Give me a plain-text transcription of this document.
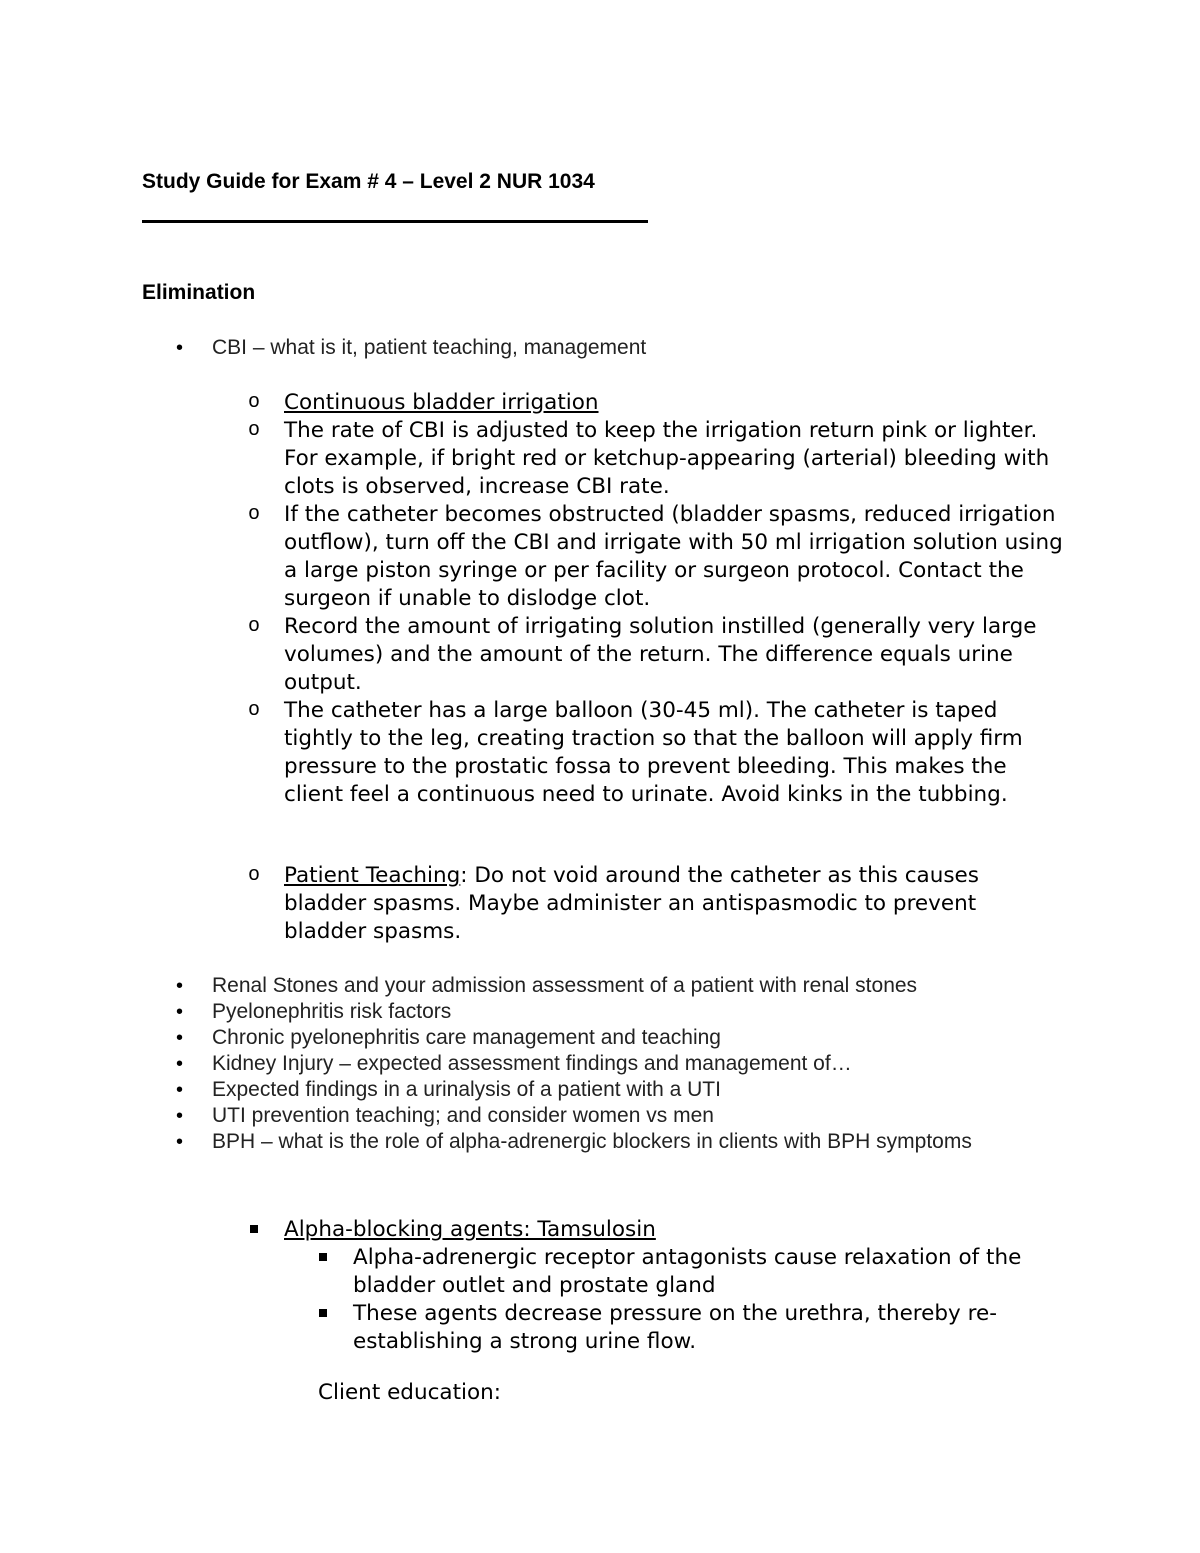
Study Guide for Exam # 4 – Level 2 NUR 1034
Elimination
• CBI – what is it, patient teaching, management
o Continuous bladder irrigation
o The rate of CBI is adjusted to keep the irrigation return pink or lighter. For example, if bright red or ketchup-appearing (arterial) bleeding with clots is observed, increase CBI rate.
o If the catheter becomes obstructed (bladder spasms, reduced irrigation outflow), turn off the CBI and irrigate with 50 ml irrigation solution using a large piston syringe or per facility or surgeon protocol. Contact the surgeon if unable to dislodge clot.
o Record the amount of irrigating solution instilled (generally very large volumes) and the amount of the return. The difference equals urine output.
o The catheter has a large balloon (30-45 ml). The catheter is taped tightly to the leg, creating traction so that the balloon will apply firm pressure to the prostatic fossa to prevent bleeding. This makes the client feel a continuous need to urinate. Avoid kinks in the tubbing.
o Patient Teaching: Do not void around the catheter as this causes bladder spasms. Maybe administer an antispasmodic to prevent bladder spasms.
• Renal Stones and your admission assessment of a patient with renal stones
• Pyelonephritis risk factors
• Chronic pyelonephritis care management and teaching
• Kidney Injury – expected assessment findings and management of…
• Expected findings in a urinalysis of a patient with a UTI
• UTI prevention teaching; and consider women vs men
• BPH – what is the role of alpha-adrenergic blockers in clients with BPH symptoms
Alpha-blocking agents: Tamsulosin
Alpha-adrenergic receptor antagonists cause relaxation of the bladder outlet and prostate gland
These agents decrease pressure on the urethra, thereby re-establishing a strong urine flow.
Client education:
